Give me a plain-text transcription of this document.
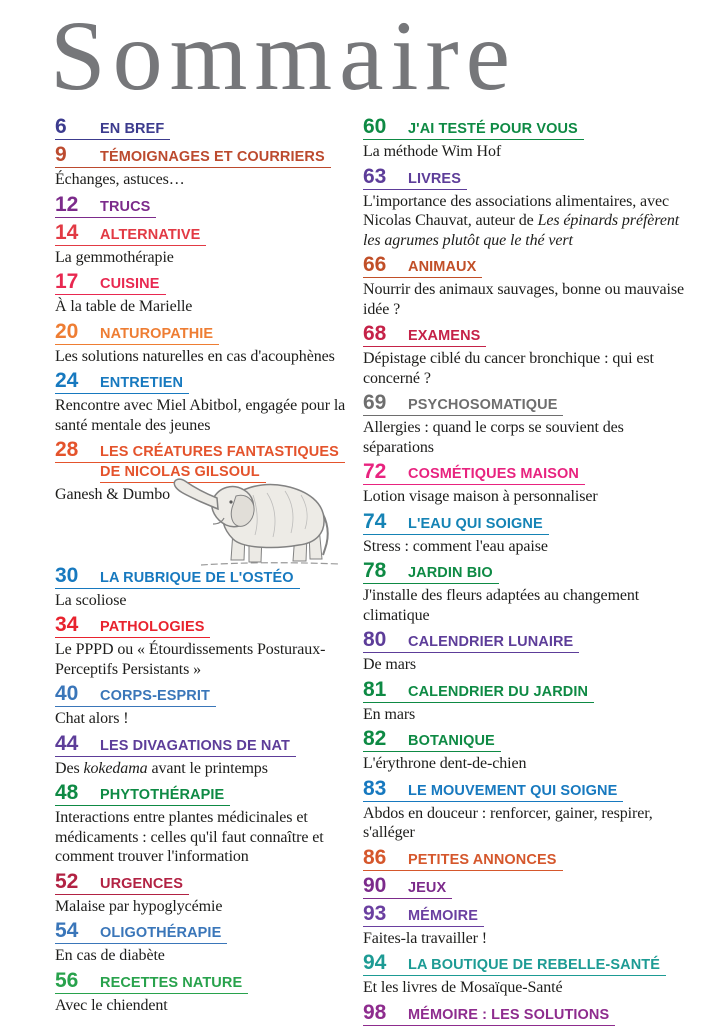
Sommaire
6 EN BREF
9 TÉMOIGNAGES ET COURRIERS
Échanges, astuces…
12 TRUCS
14 ALTERNATIVE
La gemmothérapie
17 CUISINE
À la table de Marielle
20 NATUROPATHIE
Les solutions naturelles en cas d'acouphènes
24 ENTRETIEN
Rencontre avec Miel Abitbol, engagée pour la santé mentale des jeunes
28 LES CRÉATURES FANTASTIQUES
DE NICOLAS GILSOUL
Ganesh & Dumbo
30 LA RUBRIQUE DE L'OSTÉO
La scoliose
34 PATHOLOGIES
Le PPPD ou « Étourdissements Posturaux-Perceptifs Persistants »
40 CORPS-ESPRIT
Chat alors !
44 LES DIVAGATIONS DE NAT
Des kokedama avant le printemps
48 PHYTOTHÉRAPIE
Interactions entre plantes médicinales et médicaments : celles qu'il faut connaître et comment trouver l'information
52 URGENCES
Malaise par hypoglycémie
54 OLIGOTHÉRAPIE
En cas de diabète
56 RECETTES NATURE
Avec le chiendent
60 J'AI TESTÉ POUR VOUS
La méthode Wim Hof
63 LIVRES
L'importance des associations alimentaires, avec Nicolas Chauvat, auteur de Les épinards préfèrent les agrumes plutôt que le thé vert
66 ANIMAUX
Nourrir des animaux sauvages, bonne ou mauvaise idée ?
68 EXAMENS
Dépistage ciblé du cancer bronchique : qui est concerné ?
69 PSYCHOSOMATIQUE
Allergies : quand le corps se souvient des séparations
72 COSMÉTIQUES MAISON
Lotion visage maison à personnaliser
74 L'EAU QUI SOIGNE
Stress : comment l'eau apaise
78 JARDIN BIO
J'installe des fleurs adaptées au changement climatique
80 CALENDRIER LUNAIRE
De mars
81 CALENDRIER DU JARDIN
En mars
82 BOTANIQUE
L'érythrone dent-de-chien
83 LE MOUVEMENT QUI SOIGNE
Abdos en douceur : renforcer, gainer, respirer, s'alléger
86 PETITES ANNONCES
90 JEUX
93 MÉMOIRE
Faites-la travailler !
94 LA BOUTIQUE DE REBELLE-SANTÉ
Et les livres de Mosaïque-Santé
98 MÉMOIRE : LES SOLUTIONS
